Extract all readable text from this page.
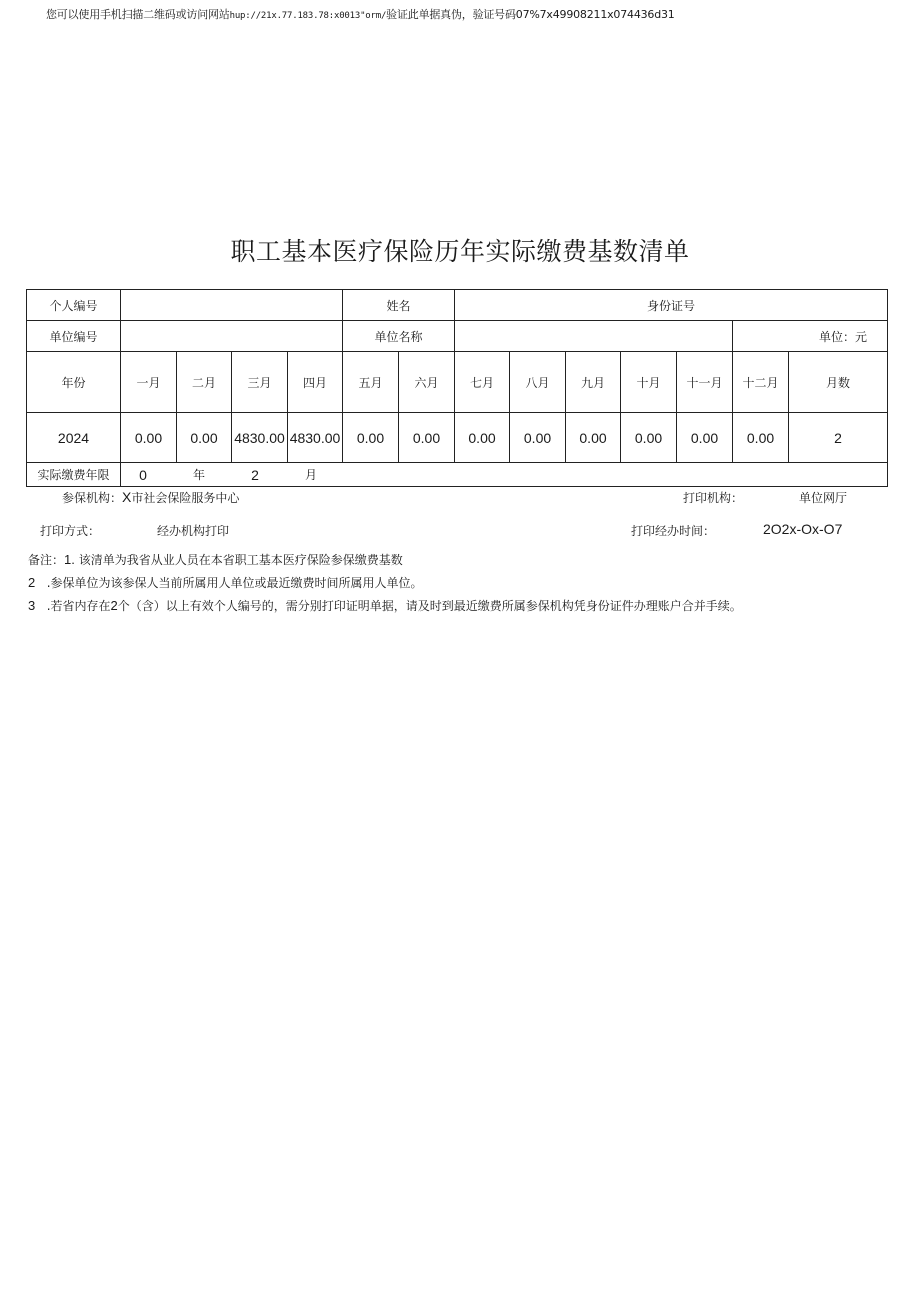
您可以使用手机扫描二维码或访问网站hup://21x.77.183.78:x0013"orm/验证此单据真伪，验证号码07%7x49908211x074436d31
职工基本医疗保险历年实际缴费基数清单
个人编号					姓名		身份证号						
单位编号					单位名称							单位：元	
年份	一月	二月	三月	四月	五月	六月	七月	八月	九月	十月	十一月	十二月	月数
2024	0.00	0.00	4830.00	4830.00	0.00	0.00	0.00	0.00	0.00	0.00	0.00	0.00	2
实际缴费年限	0 年 2 月												
参保机构：X市社会保险服务中心	打印机构：	单位网厅
打印方式：	经办机构打印	打印经办时间：	2O2x-Ox-O7
备注：1. 该清单为我省从业人员在本省职工基本医疗保险参保缴费基数
2 .参保单位为该参保人当前所属用人单位或最近缴费时间所属用人单位。
3 .若省内存在2个（含）以上有效个人编号的，需分别打印证明单据，请及时到最近缴费所属参保机构凭身份证件办理账户合并手续。
